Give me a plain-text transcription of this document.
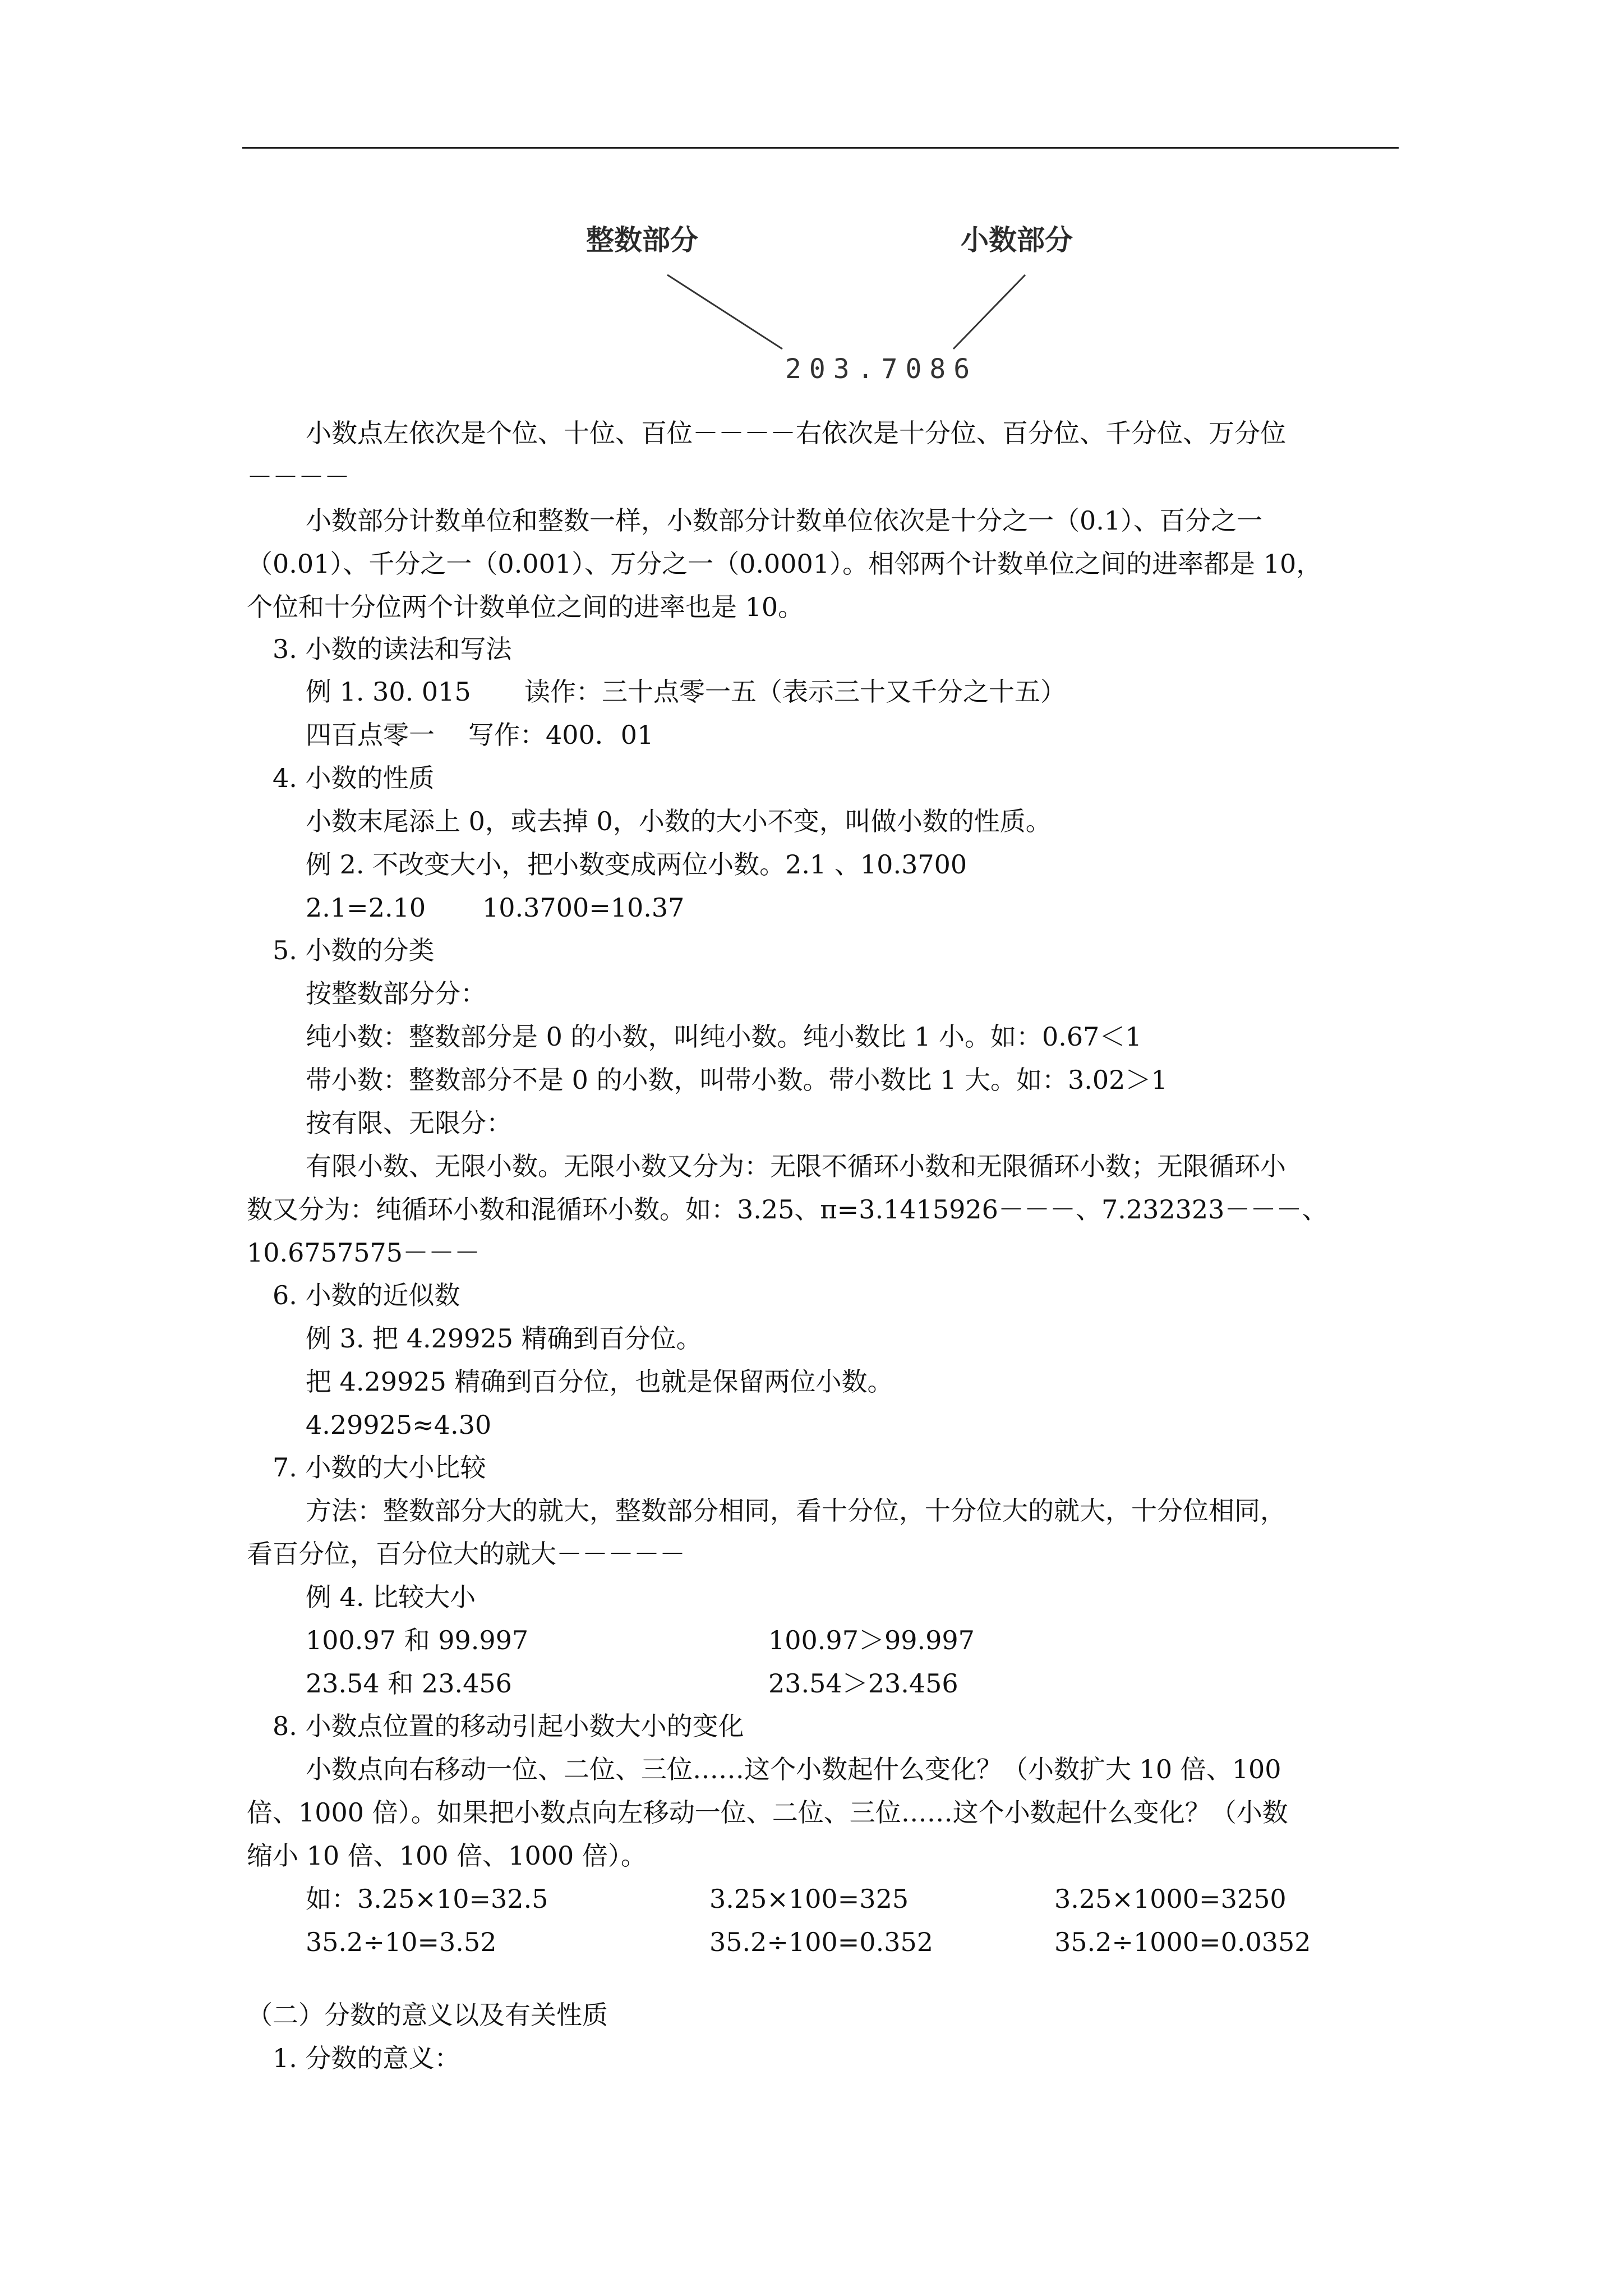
整数部分	小数部分
203.7086
小数点左依次是个位、十位、百位－－－－右依次是十分位、百分位、千分位、万分位
－－－－
小数部分计数单位和整数一样，小数部分计数单位依次是十分之一（0.1）、百分之一
（0.01）、千分之一（0.001）、万分之一（0.0001）。相邻两个计数单位之间的进率都是 10，
个位和十分位两个计数单位之间的进率也是 10。
3. 小数的读法和写法
例 1. 30. 015 读作：三十点零一五（表示三十又千分之十五）
四百点零一 写作：400．01
4. 小数的性质
小数末尾添上 0，或去掉 0，小数的大小不变，叫做小数的性质。
例 2. 不改变大小，把小数变成两位小数。2.1 、10.3700
2.1=2.10 10.3700=10.37
5. 小数的分类
按整数部分分：
纯小数：整数部分是 0 的小数，叫纯小数。纯小数比 1 小。如：0.67＜1
带小数：整数部分不是 0 的小数，叫带小数。带小数比 1 大。如：3.02＞1
按有限、无限分：
有限小数、无限小数。无限小数又分为：无限不循环小数和无限循环小数；无限循环小
数又分为：纯循环小数和混循环小数。如：3.25、π=3.1415926－－－、7.232323－－－、
10.6757575－－－
6. 小数的近似数
例 3. 把 4.29925 精确到百分位。
把 4.29925 精确到百分位，也就是保留两位小数。
4.29925≈4.30
7. 小数的大小比较
方法：整数部分大的就大，整数部分相同，看十分位，十分位大的就大，十分位相同，
看百分位，百分位大的就大－－－－－
例 4. 比较大小
100.97 和 99.997	100.97＞99.997
23.54 和 23.456	23.54＞23.456
8. 小数点位置的移动引起小数大小的变化
小数点向右移动一位、二位、三位……这个小数起什么变化？（小数扩大 10 倍、100
倍、1000 倍）。如果把小数点向左移动一位、二位、三位……这个小数起什么变化？（小数
缩小 10 倍、100 倍、1000 倍）。
如：3.25×10=32.5	3.25×100=325	3.25×1000=3250
35.2÷10=3.52	35.2÷100=0.352	35.2÷1000=0.0352
（二）分数的意义以及有关性质
1. 分数的意义：
